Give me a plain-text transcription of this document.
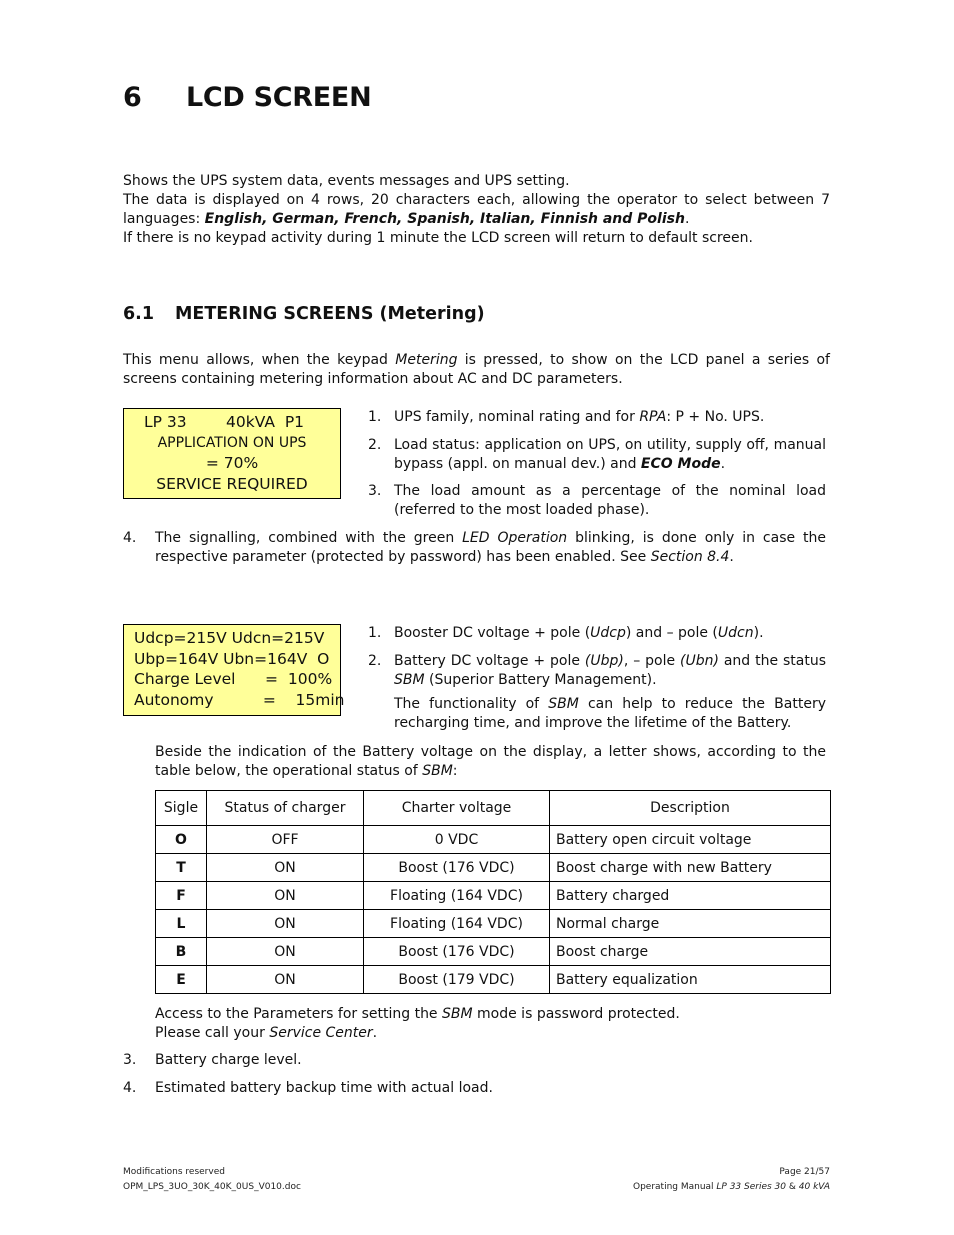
6 LCD SCREEN
Shows the UPS system data, events messages and UPS setting.
The data is displayed on 4 rows, 20 characters each, allowing the operator to select between 7 languages: English, German, French, Spanish, Italian, Finnish and Polish.
If there is no keypad activity during 1 minute the LCD screen will return to default screen.
6.1 METERING SCREENS (Metering)
This menu allows, when the keypad Metering is pressed, to show on the LCD panel a series of screens containing metering information about AC and DC parameters.
LP 33        40kVA  P1
APPLICATION ON UPS
= 70%
SERVICE REQUIRED
1. UPS family, nominal rating and for RPA: P + No. UPS.
2. Load status: application on UPS, on utility, supply off, manual bypass (appl. on manual dev.) and ECO Mode.
3. The load amount as a percentage of the nominal load (referred to the most loaded phase).
4. The signalling, combined with the green LED Operation blinking, is done only in case the respective parameter (protected by password) has been enabled. See Section 8.4.
Udcp=215V Udcn=215V
Ubp=164V Ubn=164V  O
Charge Level      =  100%
Autonomy          =    15min
1. Booster DC voltage + pole (Udcp) and – pole (Udcn).
2. Battery DC voltage + pole (Ubp), – pole (Ubn) and the status SBM (Superior Battery Management).
The functionality of SBM can help to reduce the Battery recharging time, and improve the lifetime of the Battery.
Beside the indication of the Battery voltage on the display, a letter shows, according to the table below, the operational status of SBM:
Sigle	Status of charger	Charter voltage	Description
O	OFF	0 VDC	Battery open circuit voltage
T	ON	Boost (176 VDC)	Boost charge with new Battery
F	ON	Floating (164 VDC)	Battery charged
L	ON	Floating (164 VDC)	Normal charge
B	ON	Boost (176 VDC)	Boost charge
E	ON	Boost (179 VDC)	Battery equalization
Access to the Parameters for setting the SBM mode is password protected.
Please call your Service Center.
3. Battery charge level.
4. Estimated battery backup time with actual load.
Modifications reserved
OPM_LPS_3UO_30K_40K_0US_V010.doc
Page 21/57
Operating Manual LP 33 Series 30 & 40 kVA
